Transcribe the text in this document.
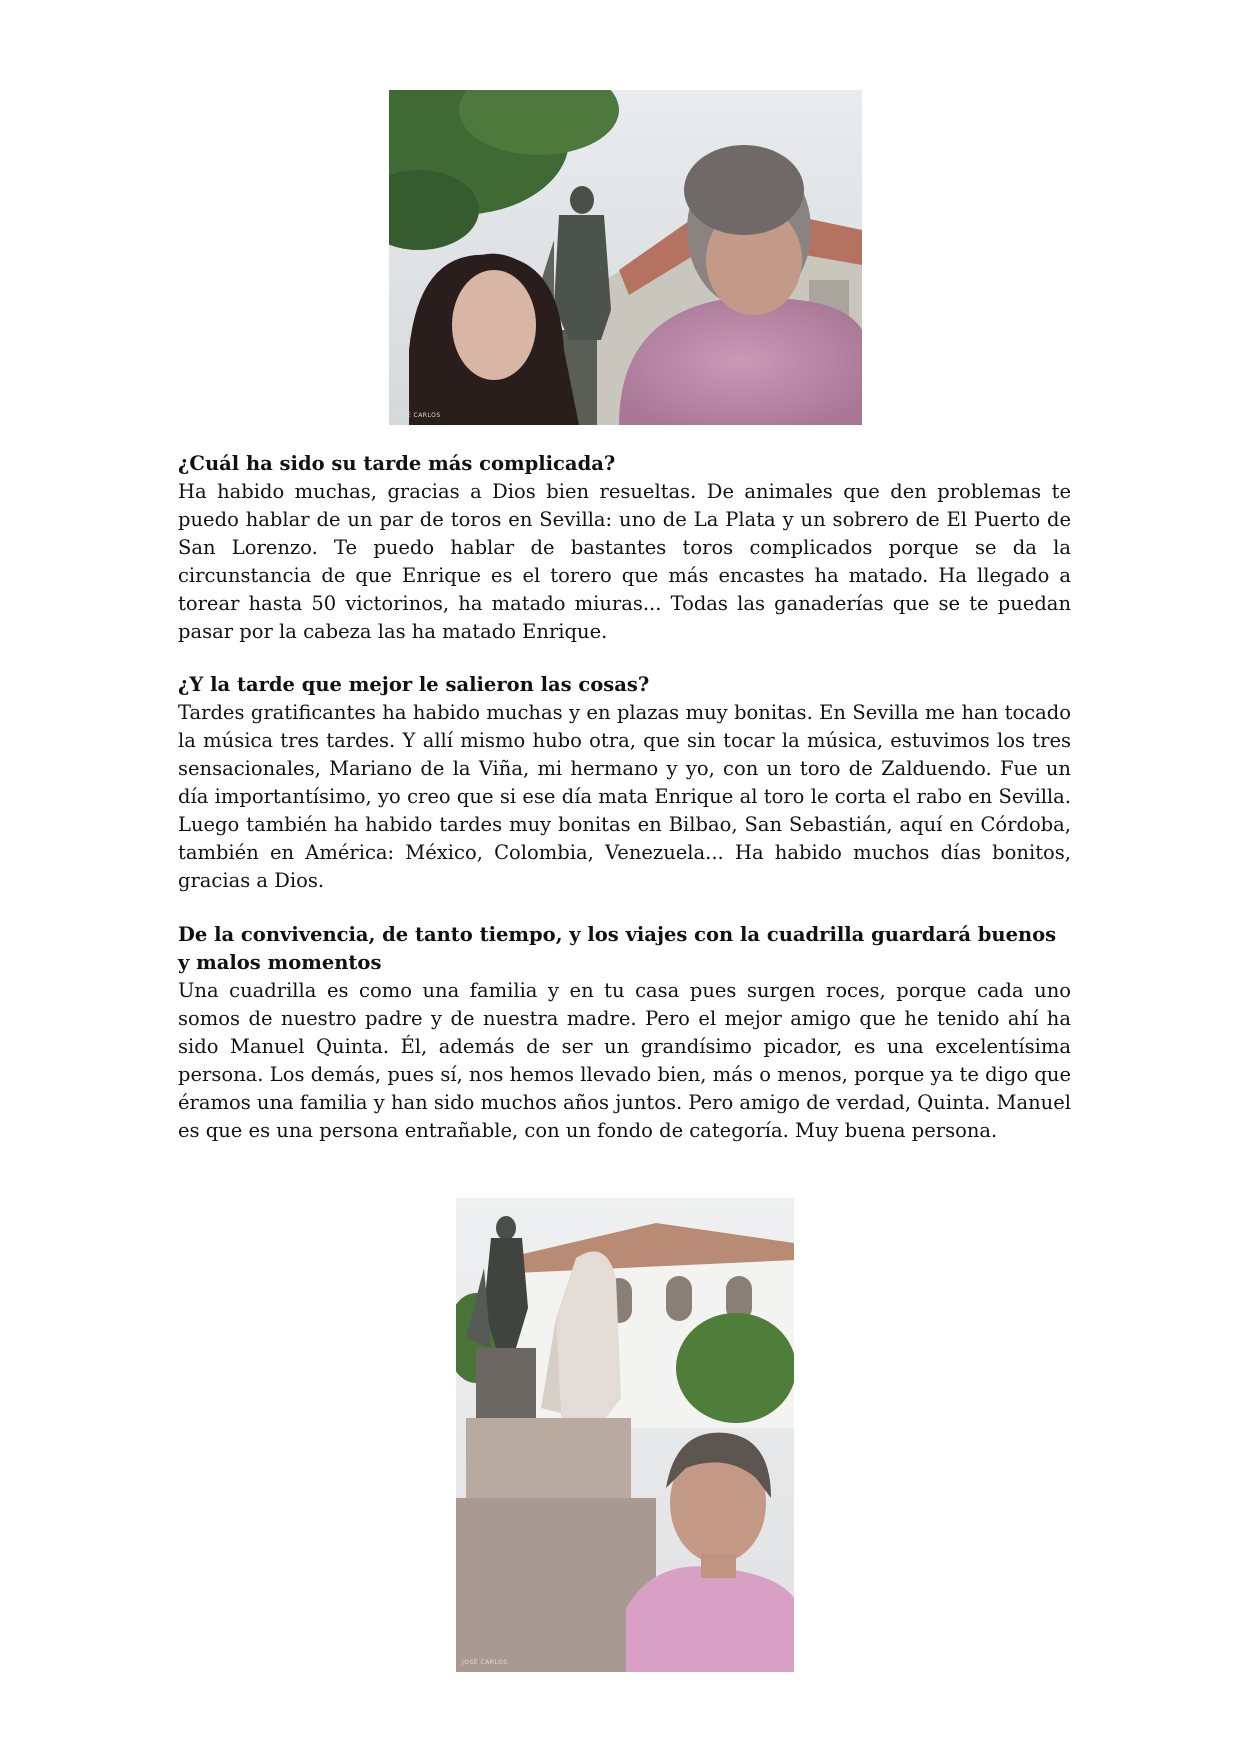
JOSÉ CARLOS

¿Cuál ha sido su tarde más complicada?

Ha habido muchas, gracias a Dios bien resueltas. De animales que den problemas te puedo hablar de un par de toros en Sevilla: uno de La Plata y un sobrero de El Puerto de San Lorenzo. Te puedo hablar de bastantes toros complicados porque se da la circunstancia de que Enrique es el torero que más encastes ha matado. Ha llegado a torear hasta 50 victorinos, ha matado miuras... Todas las ganaderías que se te puedan pasar por la cabeza las ha matado Enrique.

¿Y la tarde que mejor le salieron las cosas?

Tardes gratificantes ha habido muchas y en plazas muy bonitas. En Sevilla me han tocado la música tres tardes. Y allí mismo hubo otra, que sin tocar la música, estuvimos los tres sensacionales, Mariano de la Viña, mi hermano y yo, con un toro de Zalduendo. Fue un día importantísimo, yo creo que si ese día mata Enrique al toro le corta el rabo en Sevilla. Luego también ha habido tardes muy bonitas en Bilbao, San Sebastián, aquí en Córdoba, también en América: México, Colombia, Venezuela... Ha habido muchos días bonitos, gracias a Dios.

De la convivencia, de tanto tiempo, y los viajes con la cuadrilla guardará buenos y malos momentos

Una cuadrilla es como una familia y en tu casa pues surgen roces, porque cada uno somos de nuestro padre y de nuestra madre. Pero el mejor amigo que he tenido ahí ha sido Manuel Quinta. Él, además de ser un grandísimo picador, es una excelentísima persona. Los demás, pues sí, nos hemos llevado bien, más o menos, porque ya te digo que éramos una familia y han sido muchos años juntos. Pero amigo de verdad, Quinta. Manuel es que es una persona entrañable, con un fondo de categoría. Muy buena persona.

JOSÉ CARLOS
